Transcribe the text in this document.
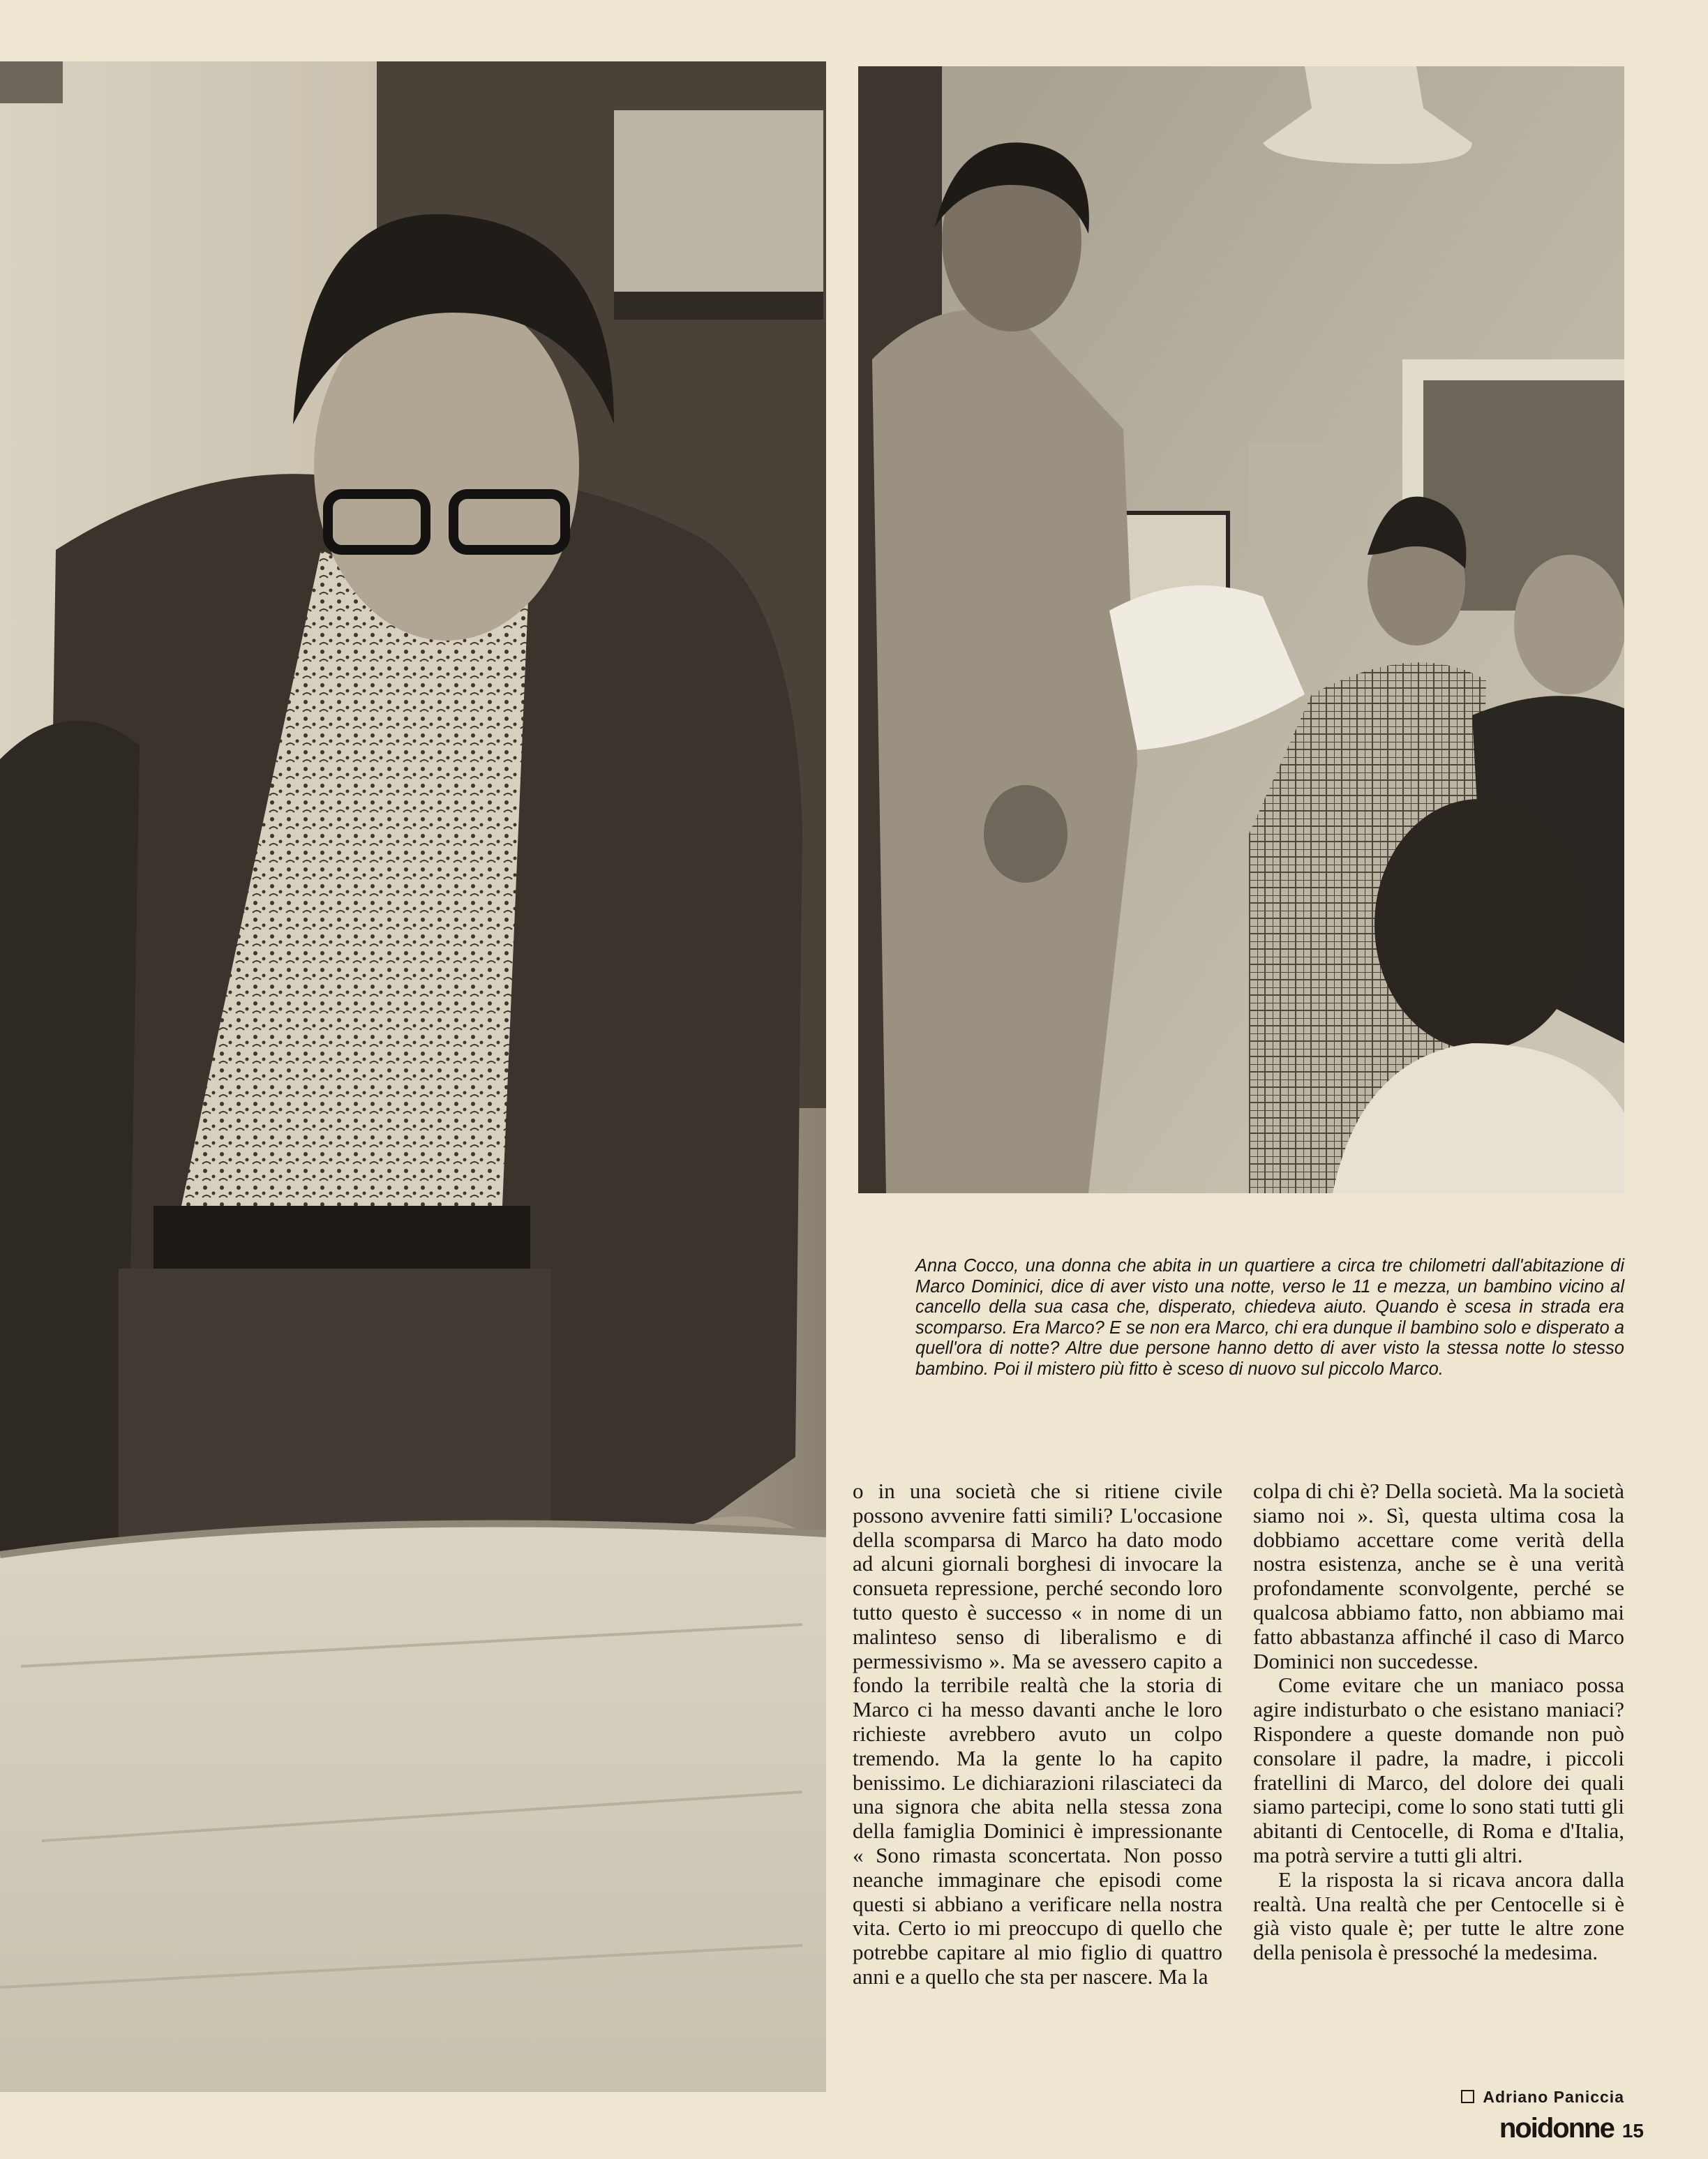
Anna Cocco, una donna che abita in un quartiere a circa tre chilometri dall'abitazione di Marco Dominici, dice di aver visto una notte, verso le 11 e mezza, un bambino vicino al cancello della sua casa che, disperato, chiedeva aiuto. Quando è scesa in strada era scomparso. Era Marco? E se non era Marco, chi era dunque il bambino solo e disperato a quell'ora di notte? Altre due persone hanno detto di aver visto la stessa notte lo stesso bambino. Poi il mistero più fitto è sceso di nuovo sul piccolo Marco.

o in una società che si ritiene civile possono avvenire fatti simili? L'occasione della scomparsa di Marco ha dato modo ad alcuni giornali borghesi di invocare la consueta repressione, perché secondo loro tutto questo è successo « in nome di un malinteso senso di liberalismo e di permessivismo ». Ma se avessero capito a fondo la terribile realtà che la storia di Marco ci ha messo davanti anche le loro richieste avrebbero avuto un colpo tremendo. Ma la gente lo ha capito benissimo. Le dichiarazioni rilasciateci da una signora che abita nella stessa zona della famiglia Dominici è impressionante « Sono rimasta sconcertata. Non posso neanche immaginare che episodi come questi si abbiano a verificare nella nostra vita. Certo io mi preoccupo di quello che potrebbe capitare al mio figlio di quattro anni e a quello che sta per nascere. Ma la

colpa di chi è? Della società. Ma la società siamo noi ». Sì, questa ultima cosa la dobbiamo accettare come verità della nostra esistenza, anche se è una verità profondamente sconvolgente, perché se qualcosa abbiamo fatto, non abbiamo mai fatto abbastanza affinché il caso di Marco Dominici non succedesse.

Come evitare che un maniaco possa agire indisturbato o che esistano maniaci? Rispondere a queste domande non può consolare il padre, la madre, i piccoli fratellini di Marco, del dolore dei quali siamo partecipi, come lo sono stati tutti gli abitanti di Centocelle, di Roma e d'Italia, ma potrà servire a tutti gli altri.

E la risposta la si ricava ancora dalla realtà. Una realtà che per Centocelle si è già visto quale è; per tutte le altre zone della penisola è pressoché la medesima.

Adriano Paniccia
noidonne 15
